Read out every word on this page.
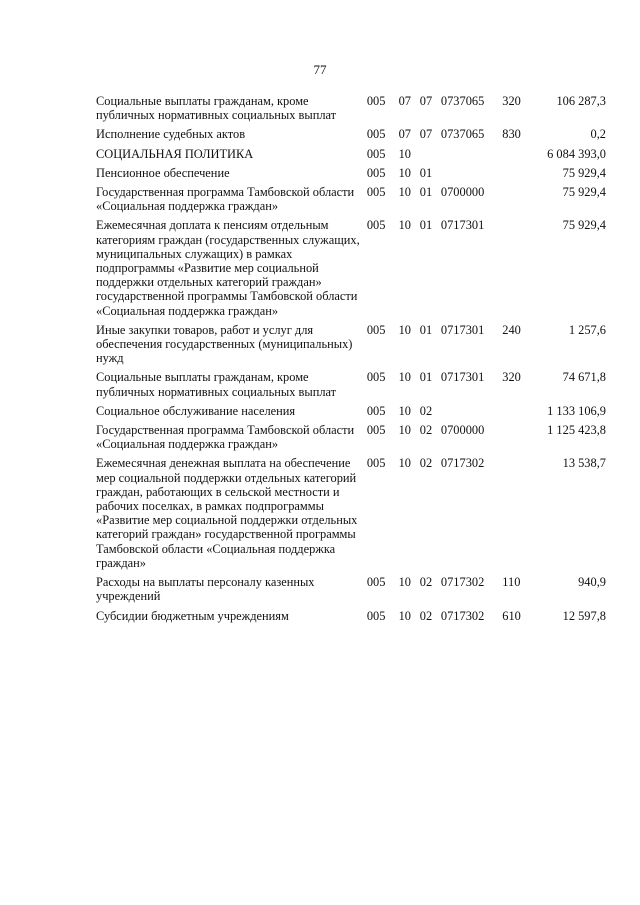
77
Социальные выплаты гражданам, кроме публичных нормативных социальных выплат	005	07	07	0737065	320	106 287,3
Исполнение судебных актов	005	07	07	0737065	830	0,2
СОЦИАЛЬНАЯ ПОЛИТИКА	005	10				6 084 393,0
Пенсионное обеспечение	005	10	01			75 929,4
Государственная программа Тамбовской области «Социальная поддержка граждан»	005	10	01	0700000		75 929,4
Ежемесячная доплата к пенсиям отдельным категориям граждан (государственных служащих, муниципальных служащих) в рамках подпрограммы «Развитие мер социальной поддержки отдельных категорий граждан» государственной программы Тамбовской области «Социальная поддержка граждан»	005	10	01	0717301		75 929,4
Иные закупки товаров, работ и услуг для обеспечения государственных (муниципальных) нужд	005	10	01	0717301	240	1 257,6
Социальные выплаты гражданам, кроме публичных нормативных социальных выплат	005	10	01	0717301	320	74 671,8
Социальное обслуживание населения	005	10	02			1 133 106,9
Государственная программа Тамбовской области «Социальная поддержка граждан»	005	10	02	0700000		1 125 423,8
Ежемесячная денежная выплата на обеспечение мер социальной поддержки отдельных категорий граждан, работающих в сельской местности и рабочих поселках, в рамках подпрограммы «Развитие мер социальной поддержки отдельных категорий граждан» государственной программы Тамбовской области «Социальная поддержка граждан»	005	10	02	0717302		13 538,7
Расходы на выплаты персоналу казенных учреждений	005	10	02	0717302	110	940,9
Субсидии бюджетным учреждениям	005	10	02	0717302	610	12 597,8
